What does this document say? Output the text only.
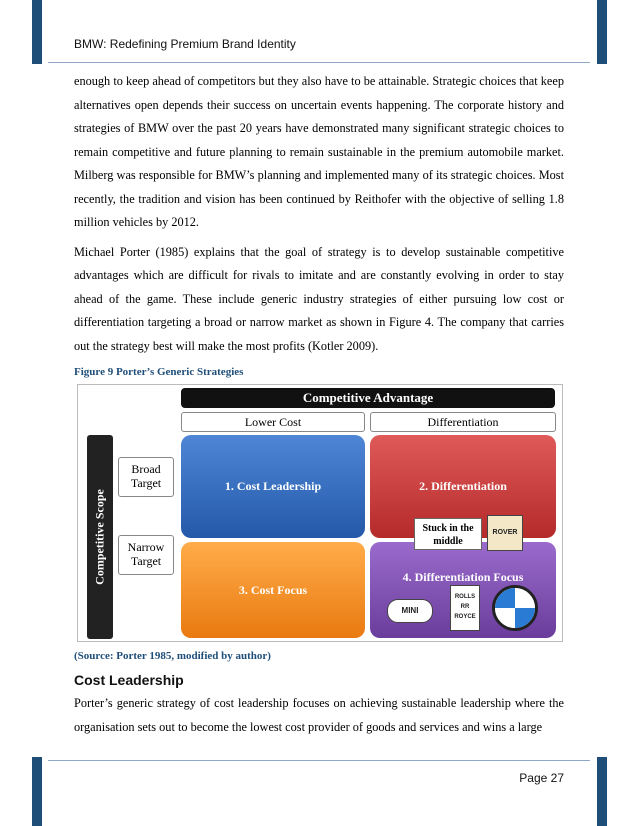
BMW: Redefining Premium Brand Identity

enough to keep ahead of competitors but they also have to be attainable. Strategic choices that keep alternatives open depends their success on uncertain events happening. The corporate history and strategies of BMW over the past 20 years have demonstrated many significant strategic choices to remain competitive and future planning to remain sustainable in the premium automobile market. Milberg was responsible for BMW’s planning and implemented many of its strategic choices. Most recently, the tradition and vision has been continued by Reithofer with the objective of selling 1.8 million vehicles by 2012.

Michael Porter (1985) explains that the goal of strategy is to develop sustainable competitive advantages which are difficult for rivals to imitate and are constantly evolving in order to stay ahead of the game. These include generic industry strategies of either pursuing low cost or differentiation targeting a broad or narrow market as shown in Figure 4. The company that carries out the strategy best will make the most profits (Kotler 2009).

Figure 9 Porter’s Generic Strategies
Competitive Advantage
Lower Cost	Differentiation
Competitive Scope
Broad Target
Narrow Target
1. Cost Leadership	2. Differentiation
3. Cost Focus
4. Differentiation Focus
Stuck in the middle
ROVER
MINI
ROLLS RR ROYCE
(Source: Porter 1985, modified by author)
Cost Leadership

Porter’s generic strategy of cost leadership focuses on achieving sustainable leadership where the organisation sets out to become the lowest cost provider of goods and services and wins a large

Page 27
